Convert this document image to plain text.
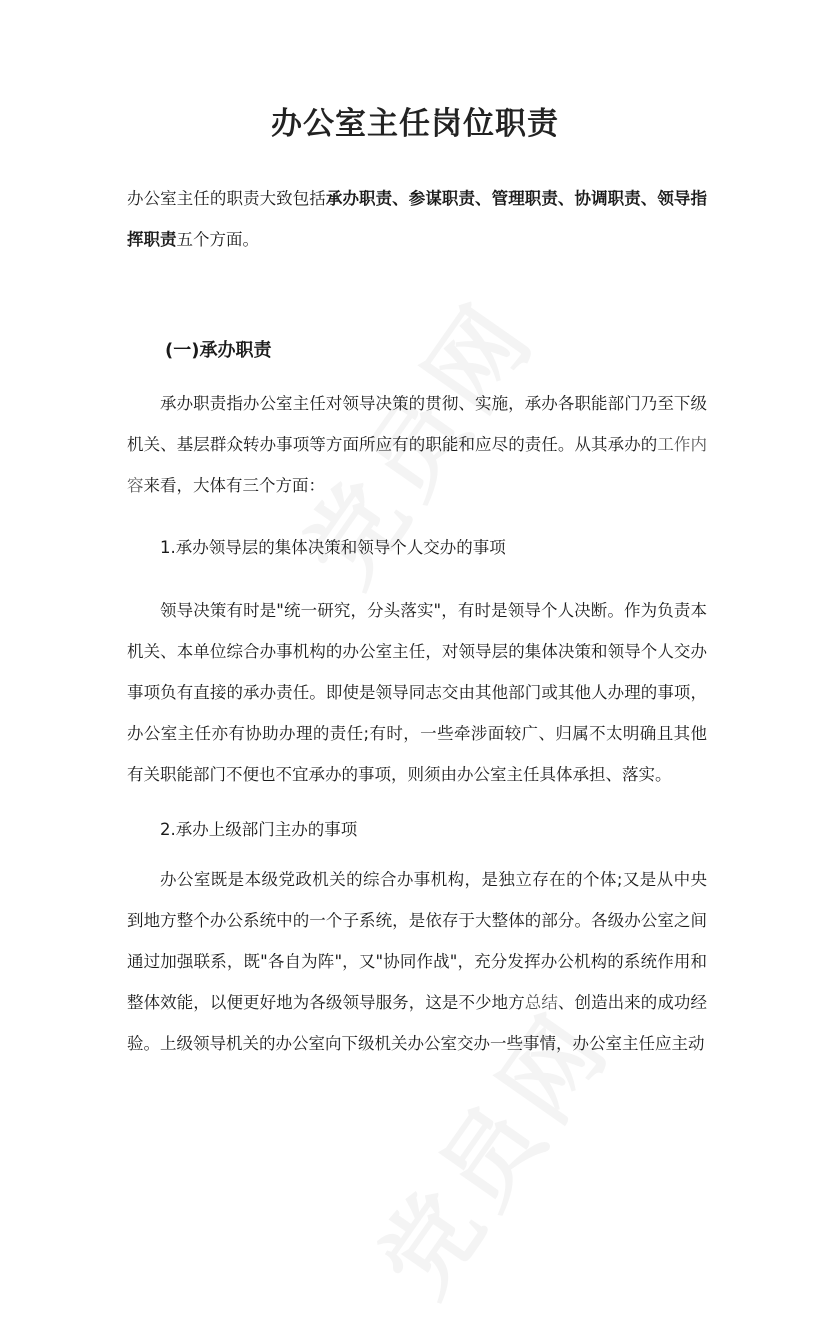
办公室主任岗位职责

办公室主任的职责大致包括承办职责、参谋职责、管理职责、协调职责、领导指挥职责五个方面。

(一)承办职责

承办职责指办公室主任对领导决策的贯彻、实施，承办各职能部门乃至下级机关、基层群众转办事项等方面所应有的职能和应尽的责任。从其承办的工作内容来看，大体有三个方面：

1.承办领导层的集体决策和领导个人交办的事项

领导决策有时是"统一研究，分头落实"，有时是领导个人决断。作为负责本机关、本单位综合办事机构的办公室主任，对领导层的集体决策和领导个人交办事项负有直接的承办责任。即使是领导同志交由其他部门或其他人办理的事项，办公室主任亦有协助办理的责任;有时，一些牵涉面较广、归属不太明确且其他有关职能部门不便也不宜承办的事项，则须由办公室主任具体承担、落实。

2.承办上级部门主办的事项

办公室既是本级党政机关的综合办事机构，是独立存在的个体;又是从中央到地方整个办公系统中的一个子系统，是依存于大整体的部分。各级办公室之间通过加强联系，既"各自为阵"，又"协同作战"，充分发挥办公机构的系统作用和整体效能，以便更好地为各级领导服务，这是不少地方总结、创造出来的成功经验。上级领导机关的办公室向下级机关办公室交办一些事情，办公室主任应主动
